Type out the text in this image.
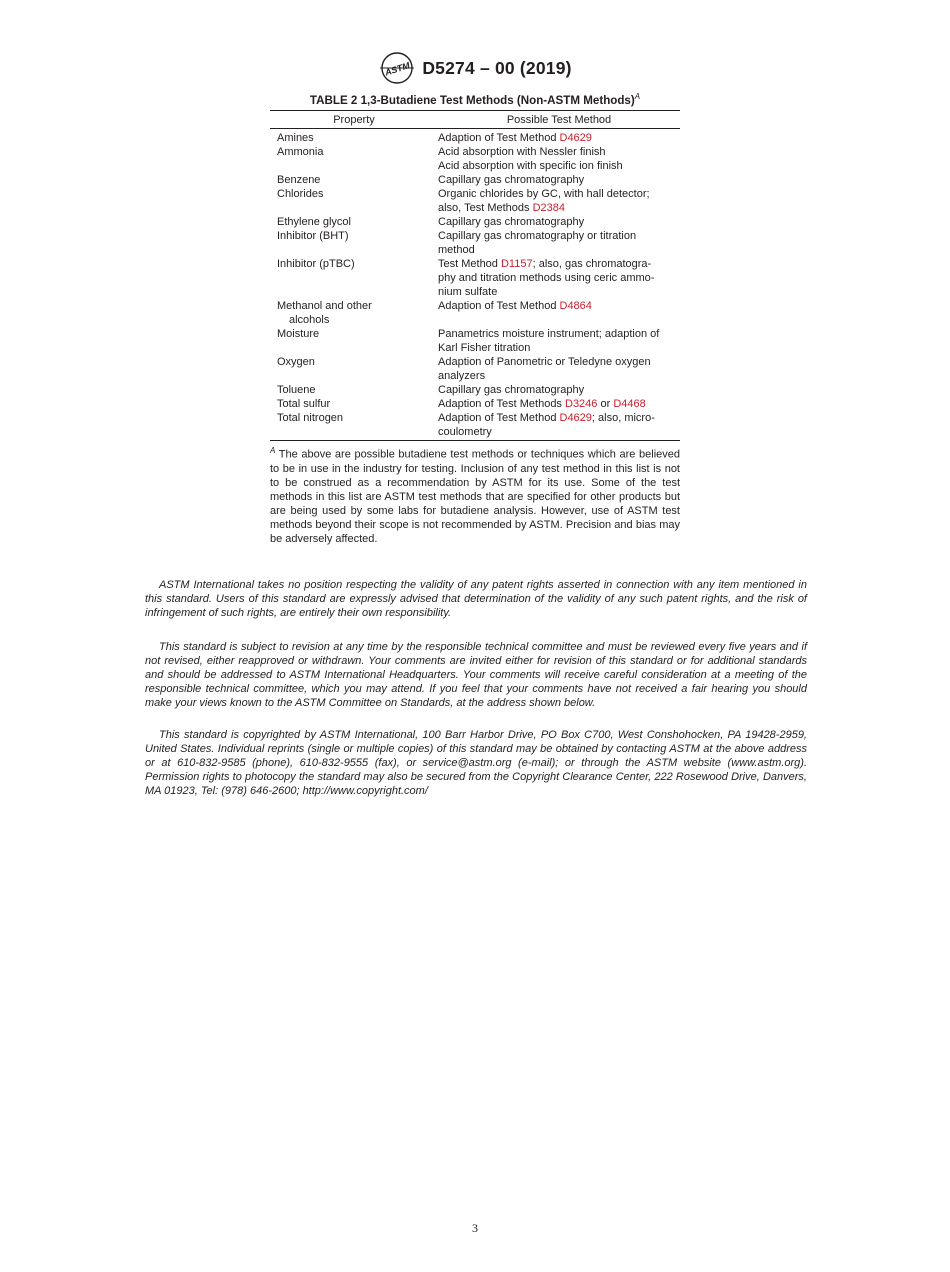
ASTM D5274 – 00 (2019)
TABLE 2 1,3-Butadiene Test Methods (Non-ASTM Methods)$^A$
Property	Possible Test Method
Amines	Adaption of Test Method D4629

Ammonia	Acid absorption with Nessler finish
Acid absorption with specific ion finish

Benzene	Capillary gas chromatography

Chlorides	Organic chlorides by GC, with hall detector;
also, Test Methods D2384

Ethylene glycol	Capillary gas chromatography

Inhibitor (BHT)	Capillary gas chromatography or titration
method

Inhibitor (pTBC)	Test Method D1157; also, gas chromatogra-
phy and titration methods using ceric ammo-
nium sulfate

Methanol and other
alcohols	Adaption of Test Method D4864

Moisture	Panametrics moisture instrument; adaption of
Karl Fisher titration

Oxygen	Adaption of Panometric or Teledyne oxygen
analyzers

Toluene	Capillary gas chromatography

Total sulfur	Adaption of Test Methods D3246 or D4468

Total nitrogen	Adaption of Test Method D4629; also, micro-
coulometry
$^A$ The above are possible butadiene test methods or techniques which are believed to be in use in the industry for testing. Inclusion of any test method in this list is not to be construed as a recommendation by ASTM for its use. Some of the test methods in this list are ASTM test methods that are specified for other products but are being used by some labs for butadiene analysis. However, use of ASTM test methods beyond their scope is not recommended by ASTM. Precision and bias may be adversely affected.

ASTM International takes no position respecting the validity of any patent rights asserted in connection with any item mentioned in this standard. Users of this standard are expressly advised that determination of the validity of any such patent rights, and the risk of infringement of such rights, are entirely their own responsibility.

This standard is subject to revision at any time by the responsible technical committee and must be reviewed every five years and if not revised, either reapproved or withdrawn. Your comments are invited either for revision of this standard or for additional standards and should be addressed to ASTM International Headquarters. Your comments will receive careful consideration at a meeting of the responsible technical committee, which you may attend. If you feel that your comments have not received a fair hearing you should make your views known to the ASTM Committee on Standards, at the address shown below.

This standard is copyrighted by ASTM International, 100 Barr Harbor Drive, PO Box C700, West Conshohocken, PA 19428-2959, United States. Individual reprints (single or multiple copies) of this standard may be obtained by contacting ASTM at the above address or at 610-832-9585 (phone), 610-832-9555 (fax), or service@astm.org (e-mail); or through the ASTM website (www.astm.org). Permission rights to photocopy the standard may also be secured from the Copyright Clearance Center, 222 Rosewood Drive, Danvers, MA 01923, Tel: (978) 646-2600; http://www.copyright.com/

3
